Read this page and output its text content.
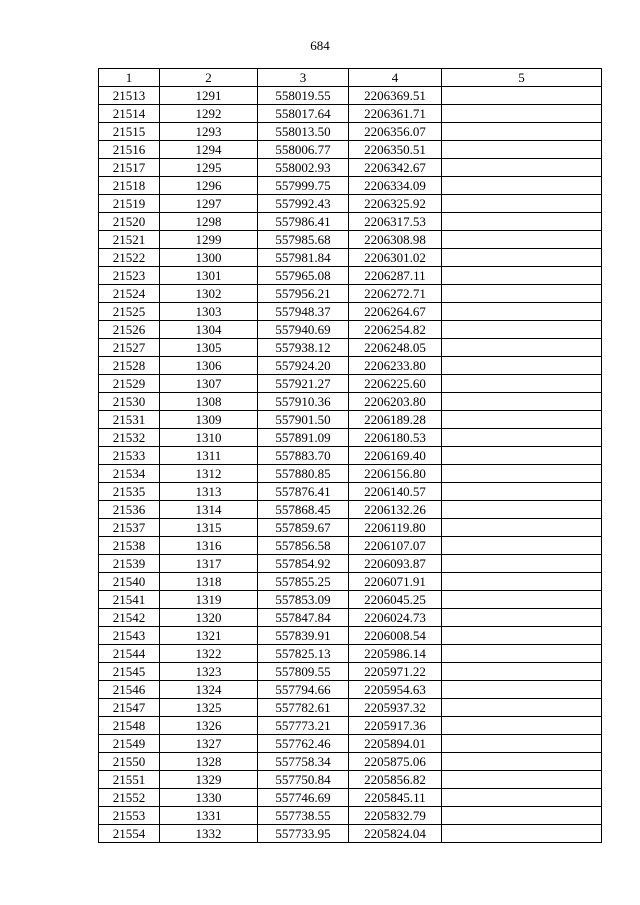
684
1	2	3	4	5
21513	1291	558019.55	2206369.51	
21514	1292	558017.64	2206361.71	
21515	1293	558013.50	2206356.07	
21516	1294	558006.77	2206350.51	
21517	1295	558002.93	2206342.67	
21518	1296	557999.75	2206334.09	
21519	1297	557992.43	2206325.92	
21520	1298	557986.41	2206317.53	
21521	1299	557985.68	2206308.98	
21522	1300	557981.84	2206301.02	
21523	1301	557965.08	2206287.11	
21524	1302	557956.21	2206272.71	
21525	1303	557948.37	2206264.67	
21526	1304	557940.69	2206254.82	
21527	1305	557938.12	2206248.05	
21528	1306	557924.20	2206233.80	
21529	1307	557921.27	2206225.60	
21530	1308	557910.36	2206203.80	
21531	1309	557901.50	2206189.28	
21532	1310	557891.09	2206180.53	
21533	1311	557883.70	2206169.40	
21534	1312	557880.85	2206156.80	
21535	1313	557876.41	2206140.57	
21536	1314	557868.45	2206132.26	
21537	1315	557859.67	2206119.80	
21538	1316	557856.58	2206107.07	
21539	1317	557854.92	2206093.87	
21540	1318	557855.25	2206071.91	
21541	1319	557853.09	2206045.25	
21542	1320	557847.84	2206024.73	
21543	1321	557839.91	2206008.54	
21544	1322	557825.13	2205986.14	
21545	1323	557809.55	2205971.22	
21546	1324	557794.66	2205954.63	
21547	1325	557782.61	2205937.32	
21548	1326	557773.21	2205917.36	
21549	1327	557762.46	2205894.01	
21550	1328	557758.34	2205875.06	
21551	1329	557750.84	2205856.82	
21552	1330	557746.69	2205845.11	
21553	1331	557738.55	2205832.79	
21554	1332	557733.95	2205824.04	
